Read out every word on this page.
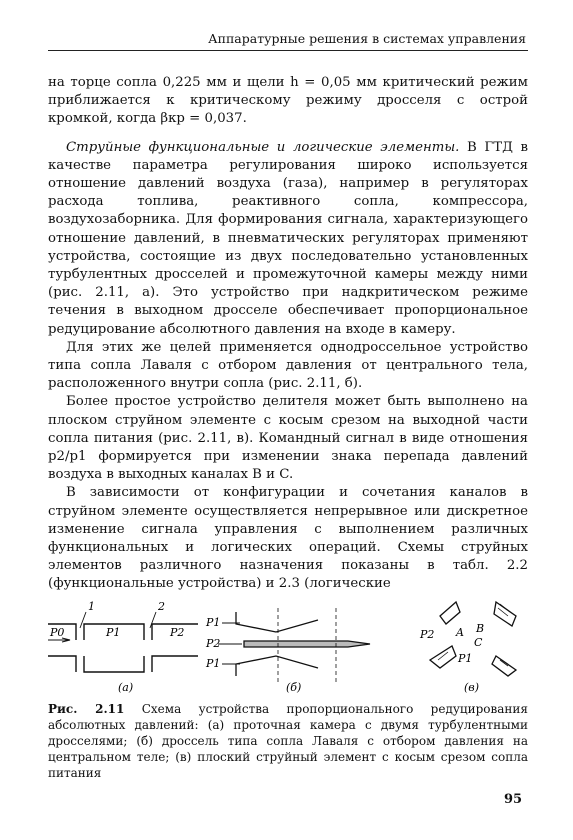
Аппаратурные решения в системах управления

на торце сопла 0,225 мм и щели h = 0,05 мм критический режим приближается к критическому режиму дросселя с острой кромкой, когда βкр = 0,037.

Струйные функциональные и логические элементы. В ГТД в качестве параметра регулирования широко используется отношение давлений воздуха (газа), например в регуляторах расхода топлива, реактивного сопла, компрессора, воздухозаборника. Для формирования сигнала, характеризующего отношение давлений, в пневматических регуляторах применяют устройства, состоящие из двух последовательно установленных турбулентных дросселей и промежуточной камеры между ними (рис. 2.11, а). Это устройство при надкритическом режиме течения в выходном дросселе обеспечивает пропорциональное редуцирование абсолютного давления на входе в камеру.

Для этих же целей применяется однодроссельное устройство типа сопла Лаваля с отбором давления от центрального тела, расположенного внутри сопла (рис. 2.11, б).

Более простое устройство делителя может быть выполнено на плоском струйном элементе с косым срезом на выходной части сопла питания (рис. 2.11, в). Командный сигнал в виде отношения p2/p1 формируется при изменении знака перепада давлений воздуха в выходных каналах B и C.

В зависимости от конфигурации и сочетания каналов в струйном элементе осуществляется непрерывное или дискретное изменение сигнала управления с выполнением различных функциональных и логических операций. Схемы струйных элементов различного назначения показаны в табл. 2.2 (функциональные устройства) и 2.3 (логические

1	2
P0	P1	P2
(а)
P1
P2
P1
(б)
P2 A B
C
P1
(в)
Рис. 2.11 Схема устройства пропорционального редуцирования абсолютных давлений: (а) проточная камера с двумя турбулентными дросселями; (б) дроссель типа сопла Лаваля с отбором давления на центральном теле; (в) плоский струйный элемент с косым срезом сопла питания
95
